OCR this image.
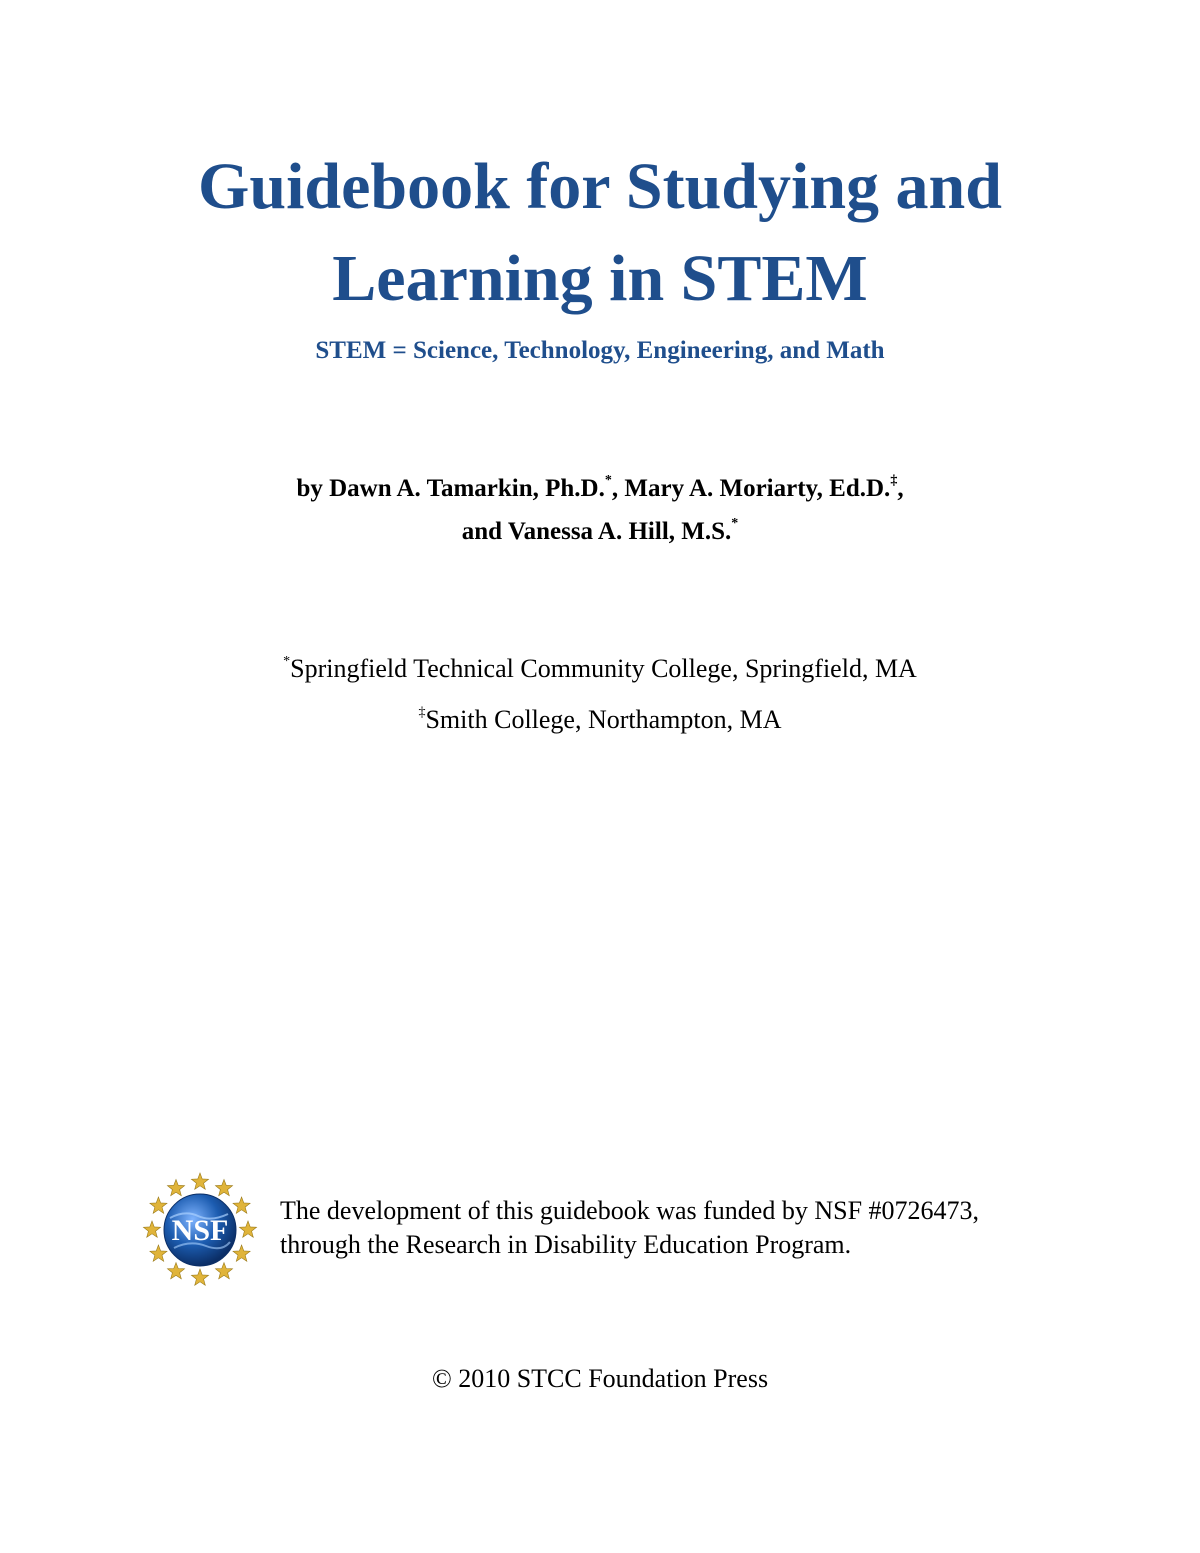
Guidebook for Studying and
Learning in STEM
STEM = Science, Technology, Engineering, and Math
by Dawn A. Tamarkin, Ph.D.*, Mary A. Moriarty, Ed.D.‡,
and Vanessa A. Hill, M.S.*
*Springfield Technical Community College, Springfield, MA
‡Smith College, Northampton, MA
NSF
The development of this guidebook was funded by NSF #0726473,
through the Research in Disability Education Program.
© 2010 STCC Foundation Press
